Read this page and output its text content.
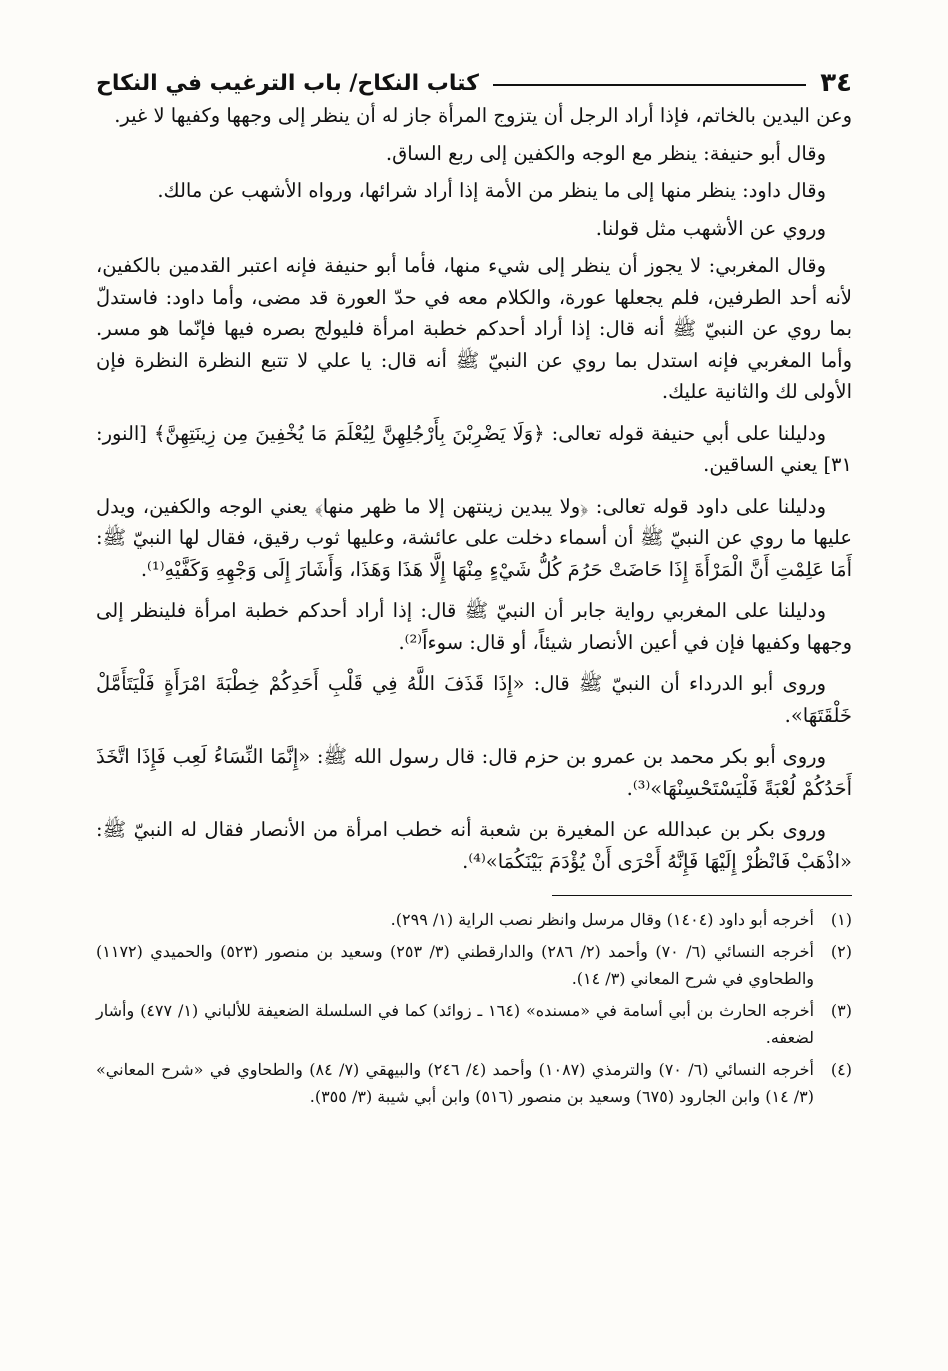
٣٤
كتاب النكاح/ باب الترغيب في النكاح

وعن اليدين بالخاتم، فإذا أراد الرجل أن يتزوج المرأة جاز له أن ينظر إلى وجهها وكفيها لا غير.

وقال أبو حنيفة: ينظر مع الوجه والكفين إلى ربع الساق.

وقال داود: ينظر منها إلى ما ينظر من الأمة إذا أراد شرائها، ورواه الأشهب عن مالك.

وروي عن الأشهب مثل قولنا.

وقال المغربي: لا يجوز أن ينظر إلى شيء منها، فأما أبو حنيفة فإنه اعتبر القدمين بالكفين، لأنه أحد الطرفين، فلم يجعلها عورة، والكلام معه في حدّ العورة قد مضى، وأما داود: فاستدلّ بما روي عن النبيّ ﷺ أنه قال: إذا أراد أحدكم خطبة امرأة فليولج بصره فيها فإنّما هو مسر. وأما المغربي فإنه استدل بما روي عن النبيّ ﷺ أنه قال: يا علي لا تتبع النظرة النظرة فإن الأولى لك والثانية عليك.

ودليلنا على أبي حنيفة قوله تعالى: ﴿وَلَا يَضْرِبْنَ بِأَرْجُلِهِنَّ لِيُعْلَمَ مَا يُخْفِينَ مِن زِينَتِهِنَّ﴾ [النور: ٣١] يعني الساقين.

ودليلنا على داود قوله تعالى: ﴿ولا يبدين زينتهن إلا ما ظهر منها﴾ يعني الوجه والكفين، ويدل عليها ما روي عن النبيّ ﷺ أن أسماء دخلت على عائشة، وعليها ثوب رقيق، فقال لها النبيّ ﷺ: أَمَا عَلِمْتِ أَنَّ الْمَرْأَةَ إِذَا حَاضَتْ حَرُمَ كُلُّ شَيْءٍ مِنْهَا إِلَّا هَذَا وَهَذَا، وَأَشَارَ إِلَى وَجْهِهِ وَكَفَّيْهِ⁽¹⁾.

ودليلنا على المغربي رواية جابر أن النبيّ ﷺ قال: إذا أراد أحدكم خطبة امرأة فلينظر إلى وجهها وكفيها فإن في أعين الأنصار شيئاً، أو قال: سوءاً⁽²⁾.

وروى أبو الدرداء أن النبيّ ﷺ قال: «إِذَا قَذَفَ اللَّهُ فِي قَلْبِ أَحَدِكُمْ خِطْبَةَ امْرَأَةٍ فَلْيَتَأَمَّلْ خَلْقَتَهَا».

وروى أبو بكر محمد بن عمرو بن حزم قال: قال رسول الله ﷺ: «إِنَّمَا النِّسَاءُ لَعِب فَإِذَا اتَّخَذَ أَحَدُكُمْ لُعْبَةً فَلْيَسْتَحْسِنْهَا»⁽³⁾.

وروى بكر بن عبدالله عن المغيرة بن شعبة أنه خطب امرأة من الأنصار فقال له النبيّ ﷺ: «اذْهَبْ فَانْظُرْ إِلَيْهَا فَإِنَّهُ أَحْرَى أَنْ يُؤْدَمَ بَيْنَكُمَا»⁽⁴⁾.

(١)
أخرجه أبو داود (١٤٠٤) وقال مرسل وانظر نصب الراية (١/ ٢٩٩).
(٢)
أخرجه النسائي (٦/ ٧٠) وأحمد (٢/ ٢٨٦) والدارقطني (٣/ ٢٥٣) وسعيد بن منصور (٥٢٣) والحميدي (١١٧٢) والطحاوي في شرح المعاني (٣/ ١٤).
(٣)
أخرجه الحارث بن أبي أسامة في «مسنده» (١٦٤ ـ زوائد) كما في السلسلة الضعيفة للألباني (١/ ٤٧٧) وأشار لضعفه.
(٤)
أخرجه النسائي (٦/ ٧٠) والترمذي (١٠٨٧) وأحمد (٤/ ٢٤٦) والبيهقي (٧/ ٨٤) والطحاوي في «شرح المعاني» (٣/ ١٤) وابن الجارود (٦٧٥) وسعيد بن منصور (٥١٦) وابن أبي شيبة (٣/ ٣٥٥).
